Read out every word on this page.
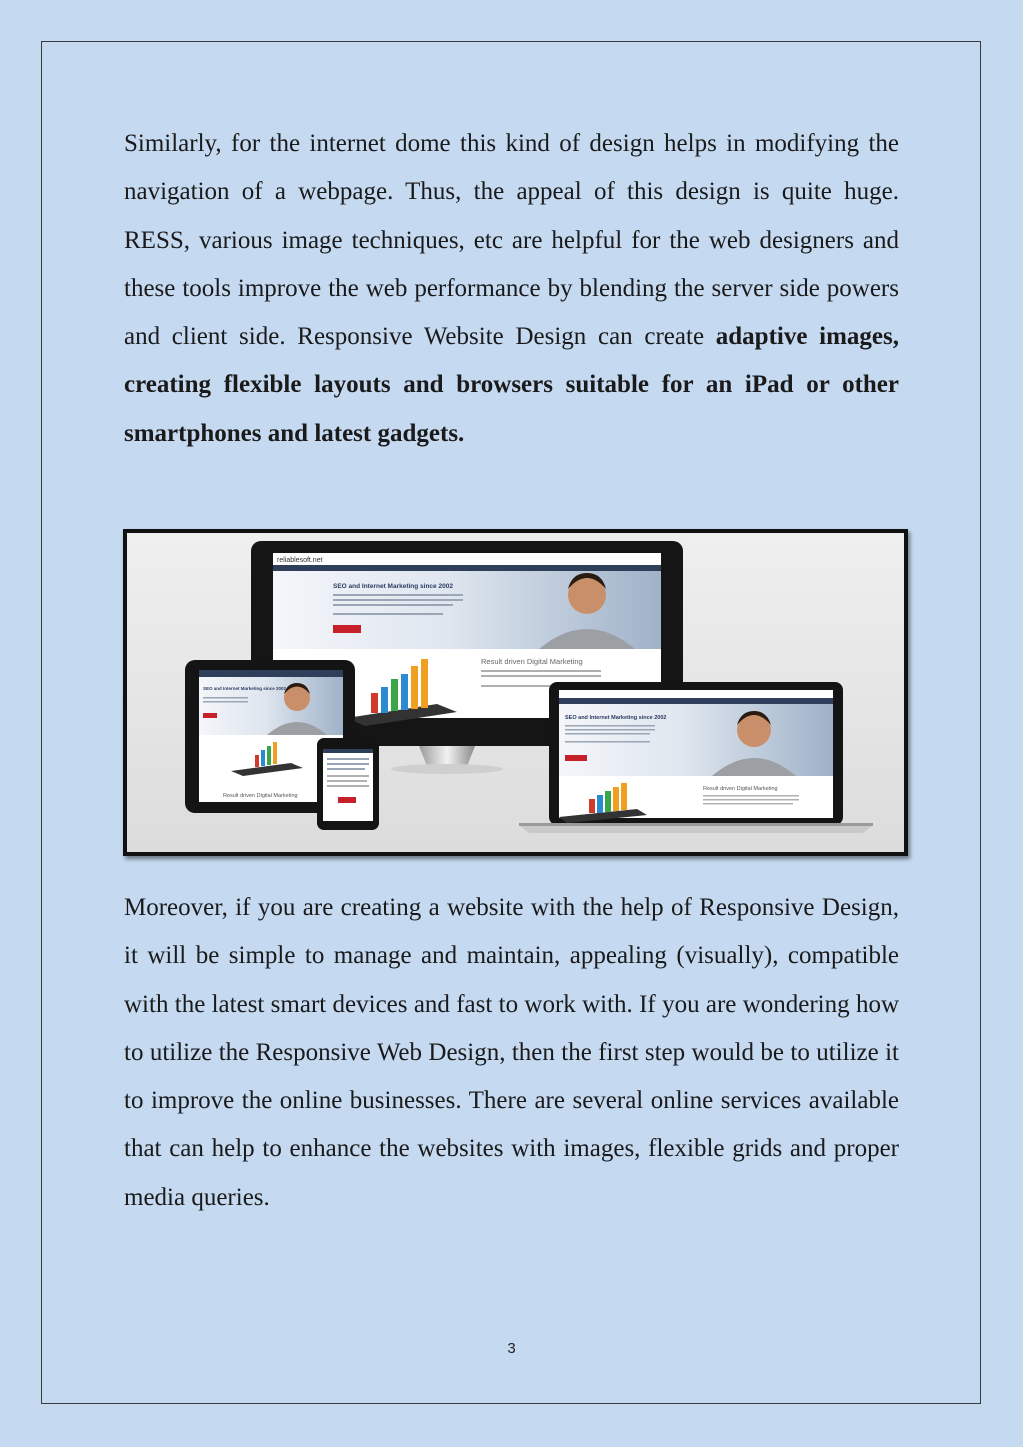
Similarly, for the internet dome this kind of design helps in modifying the navigation of a webpage. Thus, the appeal of this design is quite huge. RESS, various image techniques, etc are helpful for the web designers and these tools improve the web performance by blending the server side powers and client side. Responsive Website Design can create adaptive images, creating flexible layouts and browsers suitable for an iPad or other smartphones and latest gadgets.

reliablesoft.net
SEO and Internet Marketing since 2002
Result driven Digital Marketing
SEO and Internet Marketing since 2002
Result driven Digital Marketing
SEO and Internet Marketing since 2002
Result driven Digital Marketing

Moreover, if you are creating a website with the help of Responsive Design, it will be simple to manage and maintain, appealing (visually), compatible with the latest smart devices and fast to work with. If you are wondering how to utilize the Responsive Web Design, then the first step would be to utilize it to improve the online businesses. There are several online services available that can help to enhance the websites with images, flexible grids and proper media queries.

3
